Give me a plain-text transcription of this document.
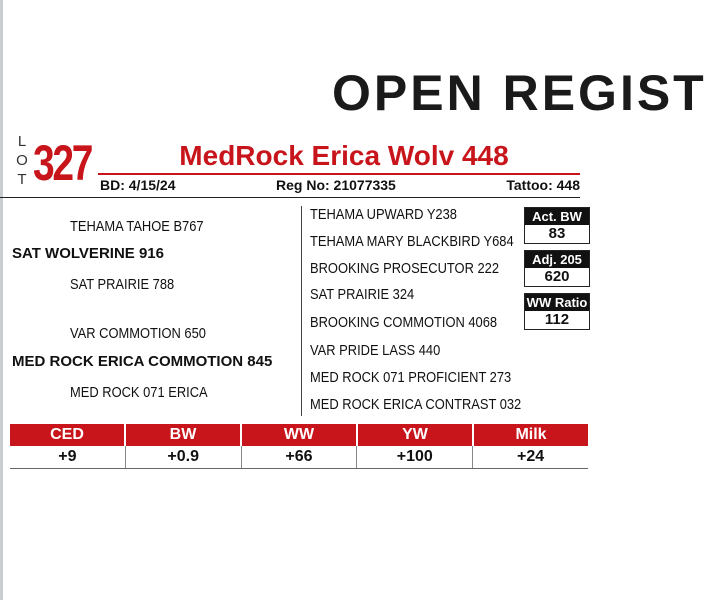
OPEN REGIST
L
O
T 327	MedRock Erica Wolv 448
BD: 4/15/24	Reg No: 21077335	Tattoo: 448
TEHAMA TAHOE B767
SAT WOLVERINE 916
SAT PRAIRIE 788
VAR COMMOTION 650
MED ROCK ERICA COMMOTION 845
MED ROCK 071 ERICA
TEHAMA UPWARD Y238
TEHAMA MARY BLACKBIRD Y684
BROOKING PROSECUTOR 222
SAT PRAIRIE 324
BROOKING COMMOTION 4068
VAR PRIDE LASS 440
MED ROCK 071 PROFICIENT 273
MED ROCK ERICA CONTRAST 032
Act. BW
83
Adj. 205
620
WW Ratio
112
CED	BW	WW	YW	Milk
+9	+0.9	+66	+100	+24
